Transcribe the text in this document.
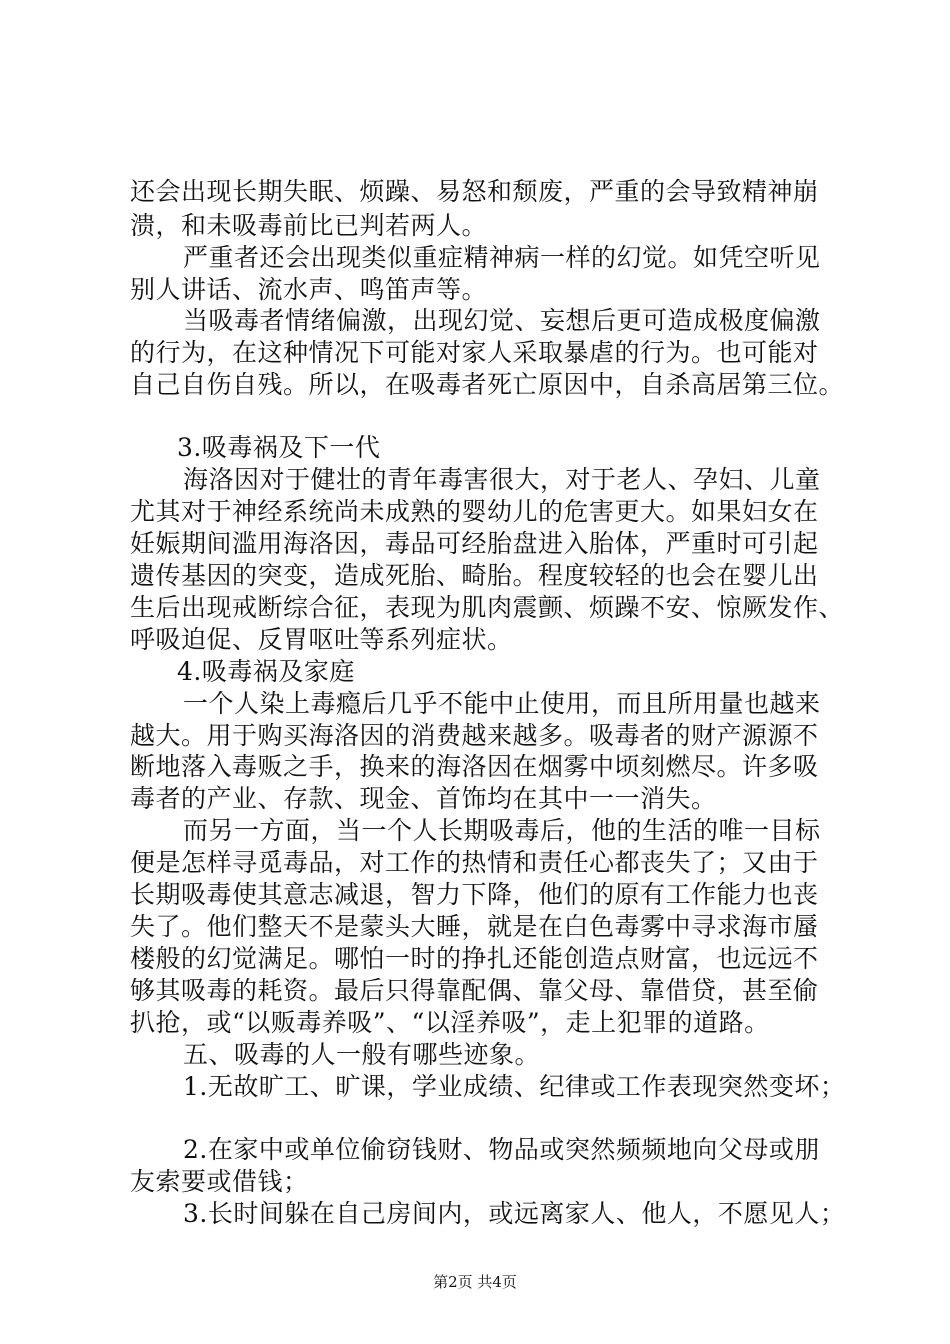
还会出现长期失眠、烦躁、易怒和颓废，严重的会导致精神崩
溃，和未吸毒前比已判若两人。
严重者还会出现类似重症精神病一样的幻觉。如凭空听见
别人讲话、流水声、鸣笛声等。
当吸毒者情绪偏激，出现幻觉、妄想后更可造成极度偏激
的行为，在这种情况下可能对家人采取暴虐的行为。也可能对
自己自伤自残。所以，在吸毒者死亡原因中，自杀高居第三位。
3.吸毒祸及下一代
海洛因对于健壮的青年毒害很大，对于老人、孕妇、儿童
尤其对于神经系统尚未成熟的婴幼儿的危害更大。如果妇女在
妊娠期间滥用海洛因，毒品可经胎盘进入胎体，严重时可引起
遗传基因的突变，造成死胎、畸胎。程度较轻的也会在婴儿出
生后出现戒断综合征，表现为肌肉震颤、烦躁不安、惊厥发作、
呼吸迫促、反胃呕吐等系列症状。
4.吸毒祸及家庭
一个人染上毒瘾后几乎不能中止使用，而且所用量也越来
越大。用于购买海洛因的消费越来越多。吸毒者的财产源源不
断地落入毒贩之手，换来的海洛因在烟雾中顷刻燃尽。许多吸
毒者的产业、存款、现金、首饰均在其中一一消失。
而另一方面，当一个人长期吸毒后，他的生活的唯一目标
便是怎样寻觅毒品，对工作的热情和责任心都丧失了；又由于
长期吸毒使其意志减退，智力下降，他们的原有工作能力也丧
失了。他们整天不是蒙头大睡，就是在白色毒雾中寻求海市蜃
楼般的幻觉满足。哪怕一时的挣扎还能创造点财富，也远远不
够其吸毒的耗资。最后只得靠配偶、靠父母、靠借贷，甚至偷
扒抢，或“以贩毒养吸”、“以淫养吸”，走上犯罪的道路。
五、吸毒的人一般有哪些迹象。
1.无故旷工、旷课，学业成绩、纪律或工作表现突然变坏；
2.在家中或单位偷窃钱财、物品或突然频频地向父母或朋
友索要或借钱；
3.长时间躲在自己房间内，或远离家人、他人，不愿见人；
第2页 共4页
